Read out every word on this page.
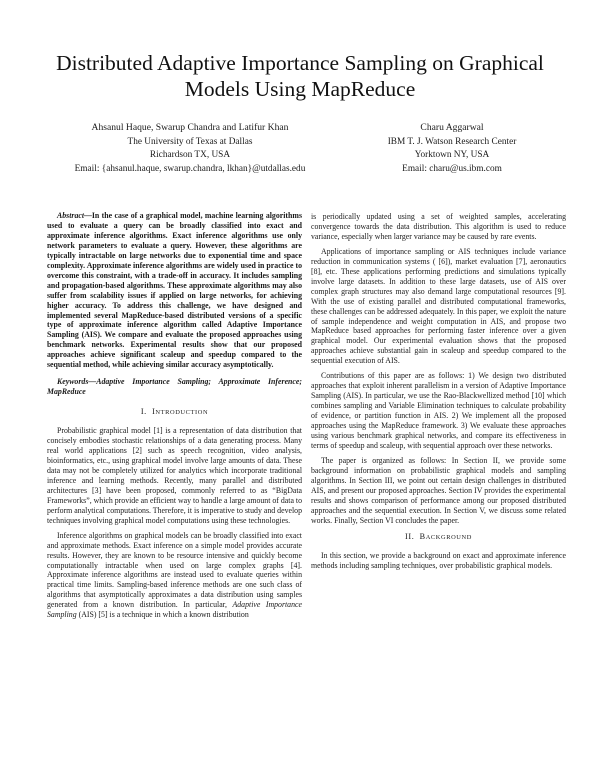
Distributed Adaptive Importance Sampling on Graphical Models Using MapReduce
Ahsanul Haque, Swarup Chandra and Latifur Khan
The University of Texas at Dallas
Richardson TX, USA
Email: {ahsanul.haque, swarup.chandra, lkhan}@utdallas.edu
Charu Aggarwal
IBM T. J. Watson Research Center
Yorktown NY, USA
Email: charu@us.ibm.com

Abstract—In the case of a graphical model, machine learning algorithms used to evaluate a query can be broadly classified into exact and approximate inference algorithms. Exact inference algorithms use only network parameters to evaluate a query. However, these algorithms are typically intractable on large networks due to exponential time and space complexity. Approximate inference algorithms are widely used in practice to overcome this constraint, with a trade-off in accuracy. It includes sampling and propagation-based algorithms. These approximate algorithms may also suffer from scalability issues if applied on large networks, for achieving higher accuracy. To address this challenge, we have designed and implemented several MapReduce-based distributed versions of a specific type of approximate inference algorithm called Adaptive Importance Sampling (AIS). We compare and evaluate the proposed approaches using benchmark networks. Experimental results show that our proposed approaches achieve significant scaleup and speedup compared to the sequential method, while achieving similar accuracy asymptotically.

Keywords—Adaptive Importance Sampling; Approximate Inference; MapReduce

I. INTRODUCTION

Probabilistic graphical model [1] is a representation of data distribution that concisely embodies stochastic relationships of a data generating process. Many real world applications [2] such as speech recognition, video analysis, bioinformatics, etc., using graphical model involve large amounts of data. These data may not be completely utilized for analytics which incorporate traditional inference and learning methods. Recently, many parallel and distributed architectures [3] have been proposed, commonly referred to as “BigData Frameworks”, which provide an efficient way to handle a large amount of data to perform analytical computations. Therefore, it is imperative to study and develop techniques involving graphical model computations using these technologies.

Inference algorithms on graphical models can be broadly classified into exact and approximate methods. Exact inference on a simple model provides accurate results. However, they are known to be resource intensive and quickly become computationally intractable when used on large complex graphs [4]. Approximate inference algorithms are instead used to evaluate queries within practical time limits. Sampling-based inference methods are one such class of algorithms that asymptotically approximates a data distribution using samples generated from a known distribution. In particular, Adaptive Importance Sampling (AIS) [5] is a technique in which a known distribution

is periodically updated using a set of weighted samples, accelerating convergence towards the data distribution. This algorithm is used to reduce variance, especially when larger variance may be caused by rare events.

Applications of importance sampling or AIS techniques include variance reduction in communication systems ( [6]), market evaluation [7], aeronautics [8], etc. These applications performing predictions and simulations typically involve large datasets. In addition to these large datasets, use of AIS over complex graph structures may also demand large computational resources [9]. With the use of existing parallel and distributed computational frameworks, these challenges can be addressed adequately. In this paper, we exploit the nature of sample independence and weight computation in AIS, and propose two MapReduce based approaches for performing faster inference over a given graphical model. Our experimental evaluation shows that the proposed approaches achieve substantial gain in scaleup and speedup compared to the sequential execution of AIS.

Contributions of this paper are as follows: 1) We design two distributed approaches that exploit inherent parallelism in a version of Adaptive Importance Sampling (AIS). In particular, we use the Rao-Blackwellized method [10] which combines sampling and Variable Elimination techniques to calculate probability of evidence, or partition function in AIS. 2) We implement all the proposed approaches using the MapReduce framework. 3) We evaluate these approaches using various benchmark graphical networks, and compare its effectiveness in terms of speedup and scaleup, with sequential approach over these networks.

The paper is organized as follows: In Section II, we provide some background information on probabilistic graphical models and sampling algorithms. In Section III, we point out certain design challenges in distributed AIS, and present our proposed approaches. Section IV provides the experimental results and shows comparison of performance among our proposed distributed approaches and the sequential execution. In Section V, we discuss some related works. Finally, Section VI concludes the paper.

II. BACKGROUND

In this section, we provide a background on exact and approximate inference methods including sampling techniques, over probabilistic graphical models.
